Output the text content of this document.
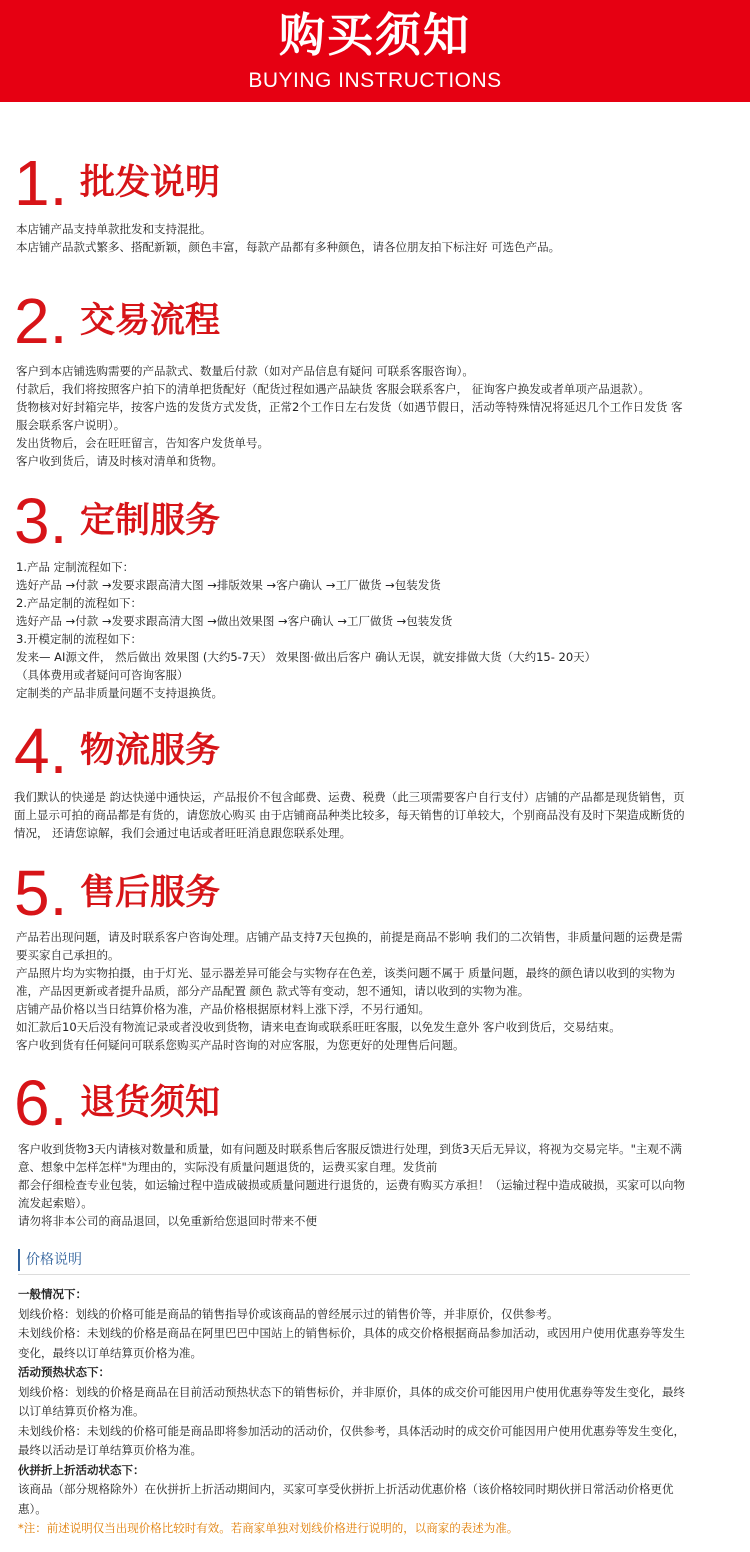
购买须知
BUYING INSTRUCTIONS
1. 批发说明

本店铺产品支持单款批发和支持混批。

本店铺产品款式繁多、搭配新颖，颜色丰富，每款产品都有多种颜色，请各位朋友拍下标注好 可选色产品。

2. 交易流程

客户到本店铺选购需要的产品款式、数量后付款（如对产品信息有疑问 可联系客服咨询）。

付款后，我们将按照客户拍下的清单把货配好（配货过程如遇产品缺货 客服会联系客户， 征询客户换发或者单项产品退款）。

货物核对好封箱完毕，按客户选的发货方式发货，正常2个工作日左右发货（如遇节假日，活动等特殊情况将延迟几个工作日发货 客服会联系客户说明）。

发出货物后，会在旺旺留言，告知客户发货单号。

客户收到货后，请及时核对清单和货物。

3. 定制服务

1.产品 定制流程如下：

选好产品 →付款 →发要求跟高清大图 →排版效果 →客户确认 →工厂做货 →包装发货

2.产品定制的流程如下：

选好产品 →付款 →发要求跟高清大图 →做出效果图 →客户确认 →工厂做货 →包装发货

3.开模定制的流程如下：

发来— AI源文件， 然后做出 效果图 (大约5-7天） 效果图·做出后客户 确认无误，就安排做大货（大约15- 20天）

（具体费用或者疑问可咨询客服）

定制类的产品非质量问题不支持退换货。

4. 物流服务

我们默认的快递是 韵达快递中通快运，产品报价不包含邮费、运费、税费（此三项需要客户自行支付）店铺的产品都是现货销售，页面上显示可拍的商品都是有货的，请您放心购买 由于店铺商品种类比较多，每天销售的订单较大，个别商品没有及时下架造成断货的情况， 还请您谅解，我们会通过电话或者旺旺消息跟您联系处理。

5. 售后服务

产品若出现问题，请及时联系客户咨询处理。店铺产品支持7天包换的，前提是商品不影响 我们的二次销售，非质量问题的运费是需要买家自己承担的。

产品照片均为实物拍摄，由于灯光、显示器差异可能会与实物存在色差，该类问题不属于 质量问题，最终的颜色请以收到的实物为准，产品因更新或者提升品质，部分产品配置 颜色 款式等有变动，恕不通知，请以收到的实物为准。

店铺产品价格以当日结算价格为准，产品价格根据原材料上涨下浮，不另行通知。

如汇款后10天后没有物流记录或者没收到货物，请来电查询或联系旺旺客服，以免发生意外 客户收到货后，交易结束。

客户收到货有任何疑问可联系您购买产品时咨询的对应客服，为您更好的处理售后问题。

6. 退货须知

客户收到货物3天内请核对数量和质量，如有问题及时联系售后客服反馈进行处理，到货3天后无异议，将视为交易完毕。"主观不满意、想象中怎样怎样"为理由的，实际没有质量问题退货的，运费买家自理。发货前

都会仔细检查专业包装，如运输过程中造成破损或质量问题进行退货的，运费有购买方承担！（运输过程中造成破损，买家可以向物流发起索赔）。

请勿将非本公司的商品退回，以免重新给您退回时带来不便

价格说明

一般情况下：

划线价格：划线的价格可能是商品的销售指导价或该商品的曾经展示过的销售价等，并非原价，仅供参考。

未划线价格：未划线的价格是商品在阿里巴巴中国站上的销售标价，具体的成交价格根据商品参加活动，或因用户使用优惠券等发生变化，最终以订单结算页价格为准。

活动预热状态下：

划线价格：划线的价格是商品在目前活动预热状态下的销售标价，并非原价，具体的成交价可能因用户使用优惠券等发生变化，最终以订单结算页价格为准。

未划线价格：未划线的价格可能是商品即将参加活动的活动价，仅供参考，具体活动时的成交价可能因用户使用优惠券等发生变化，最终以活动是订单结算页价格为准。

伙拼折上折活动状态下：

该商品（部分规格除外）在伙拼折上折活动期间内，买家可享受伙拼折上折活动优惠价格（该价格较同时期伙拼日常活动价格更优惠）。

*注：前述说明仅当出现价格比较时有效。若商家单独对划线价格进行说明的，以商家的表述为准。
